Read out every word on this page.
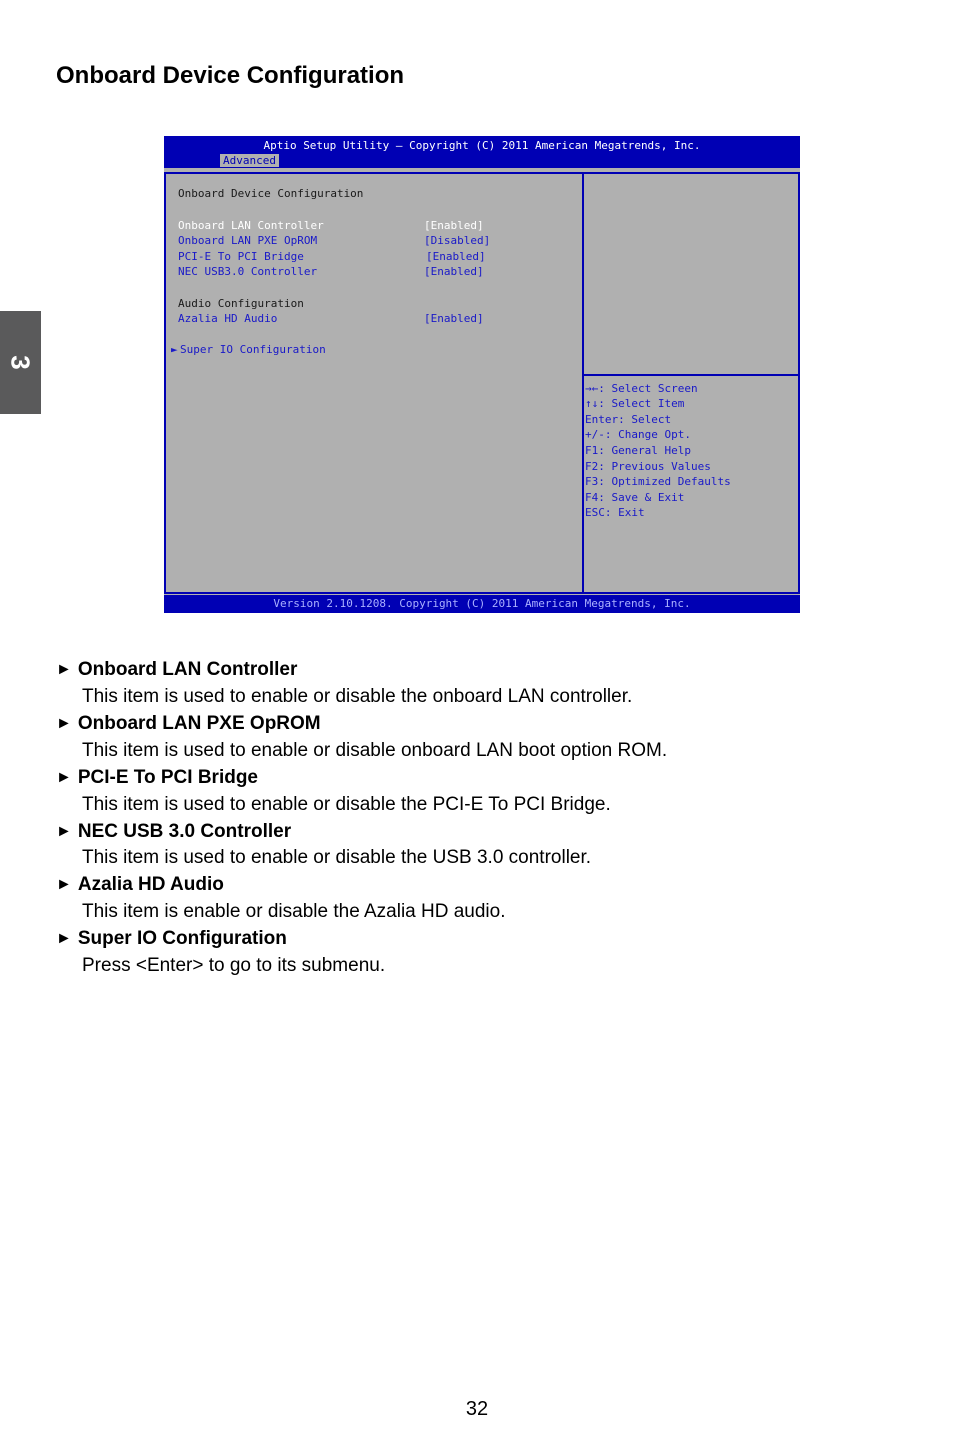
Onboard Device Configuration
3
Aptio Setup Utility – Copyright (C) 2011 American Megatrends, Inc.
Advanced
Onboard Device Configuration
Onboard LAN Controller	[Enabled]
Onboard LAN PXE OpROM	[Disabled]
PCI-E To PCI Bridge	[Enabled]
NEC USB3.0 Controller	[Enabled]
Audio Configuration
Azalia HD Audio	[Enabled]
► Super IO Configuration
→←: Select Screen
↑↓: Select Item
Enter: Select
+/-: Change Opt.
F1: General Help
F2: Previous Values
F3: Optimized Defaults
F4: Save & Exit
ESC: Exit
Version 2.10.1208. Copyright (C) 2011 American Megatrends, Inc.
► Onboard LAN Controller
This item is used to enable or disable the onboard LAN controller.
► Onboard LAN PXE OpROM
This item is used to enable or disable onboard LAN boot option ROM.
► PCI-E To PCI Bridge
This item is used to enable or disable the PCI-E To PCI Bridge.
► NEC USB 3.0 Controller
This item is used to enable or disable the USB 3.0 controller.
► Azalia HD Audio
This item is enable or disable the Azalia HD audio.
► Super IO Configuration
Press <Enter> to go to its submenu.
32
